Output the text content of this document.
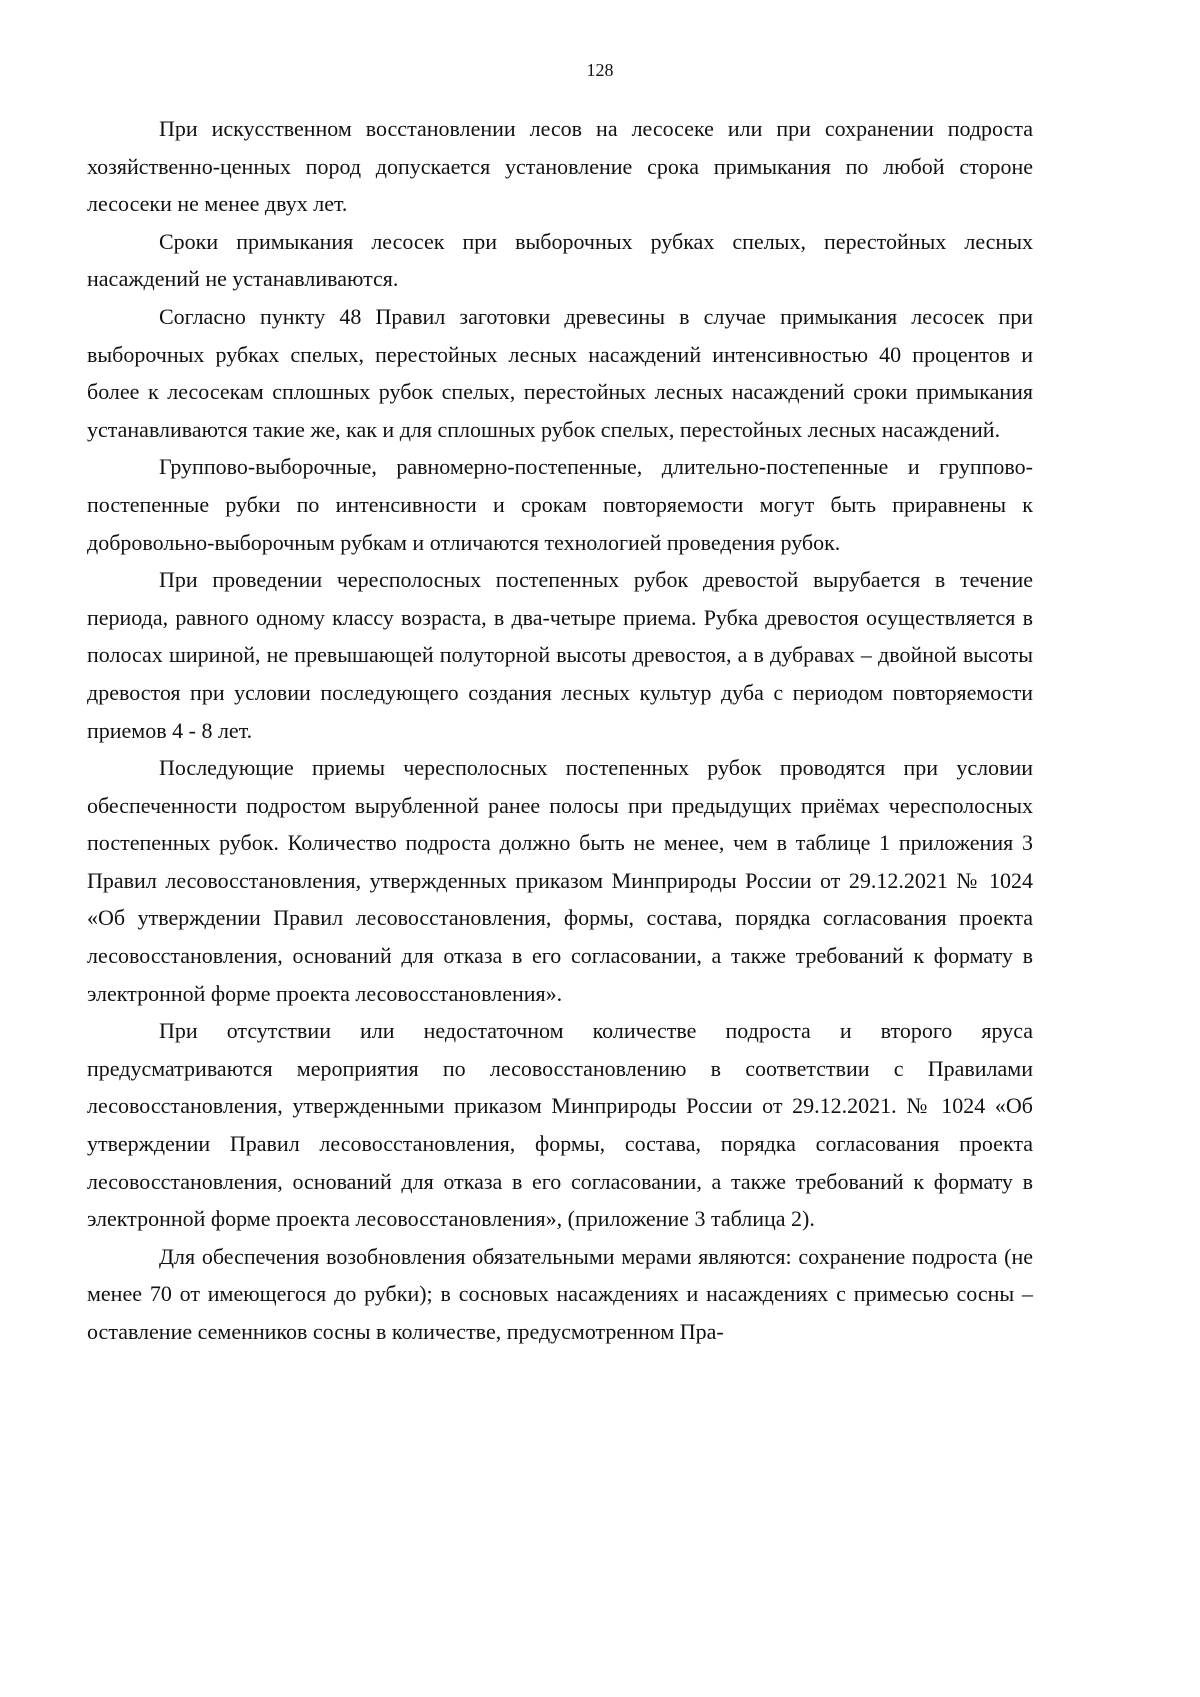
128

При искусственном восстановлении лесов на лесосеке или при сохранении подроста хозяйственно-ценных пород допускается установление срока примыкания по любой стороне лесосеки не менее двух лет.

Сроки примыкания лесосек при выборочных рубках спелых, перестойных лесных насаждений не устанавливаются.

Согласно пункту 48 Правил заготовки древесины в случае примыкания лесосек при выборочных рубках спелых, перестойных лесных насаждений интенсивностью 40 процентов и более к лесосекам сплошных рубок спелых, перестойных лесных насаждений сроки примыкания устанавливаются такие же, как и для сплошных рубок спелых, перестойных лесных насаждений.

Группово-выборочные, равномерно-постепенные, длительно-постепенные и группово-постепенные рубки по интенсивности и срокам повторяемости могут быть приравнены к добровольно-выборочным рубкам и отличаются технологией проведения рубок.

При проведении чересполосных постепенных рубок древостой вырубается в течение периода, равного одному классу возраста, в два-четыре приема. Рубка древостоя осуществляется в полосах шириной, не превышающей полуторной высоты древостоя, а в дубравах – двойной высоты древостоя при условии последующего создания лесных культур дуба с периодом повторяемости приемов 4 - 8 лет.

Последующие приемы чересполосных постепенных рубок проводятся при условии обеспеченности подростом вырубленной ранее полосы при предыдущих приёмах чересполосных постепенных рубок. Количество подроста должно быть не менее, чем в таблице 1 приложения 3 Правил лесовосстановления, утвержденных приказом Минприроды России от 29.12.2021 № 1024 «Об утверждении Правил лесовосстановления, формы, состава, порядка согласования проекта лесовосстановления, оснований для отказа в его согласовании, а также требований к формату в электронной форме проекта лесовосстановления».

При отсутствии или недостаточном количестве подроста и второго яруса предусматриваются мероприятия по лесовосстановлению в соответствии с Правилами лесовосстановления, утвержденными приказом Минприроды России от 29.12.2021. № 1024 «Об утверждении Правил лесовосстановления, формы, состава, порядка согласования проекта лесовосстановления, оснований для отказа в его согласовании, а также требований к формату в электронной форме проекта лесовосстановления», (приложение 3 таблица 2).

Для обеспечения возобновления обязательными мерами являются: сохранение подроста (не менее 70 от имеющегося до рубки); в сосновых насаждениях и насаждениях с примесью сосны – оставление семенников сосны в количестве, предусмотренном Пра-
